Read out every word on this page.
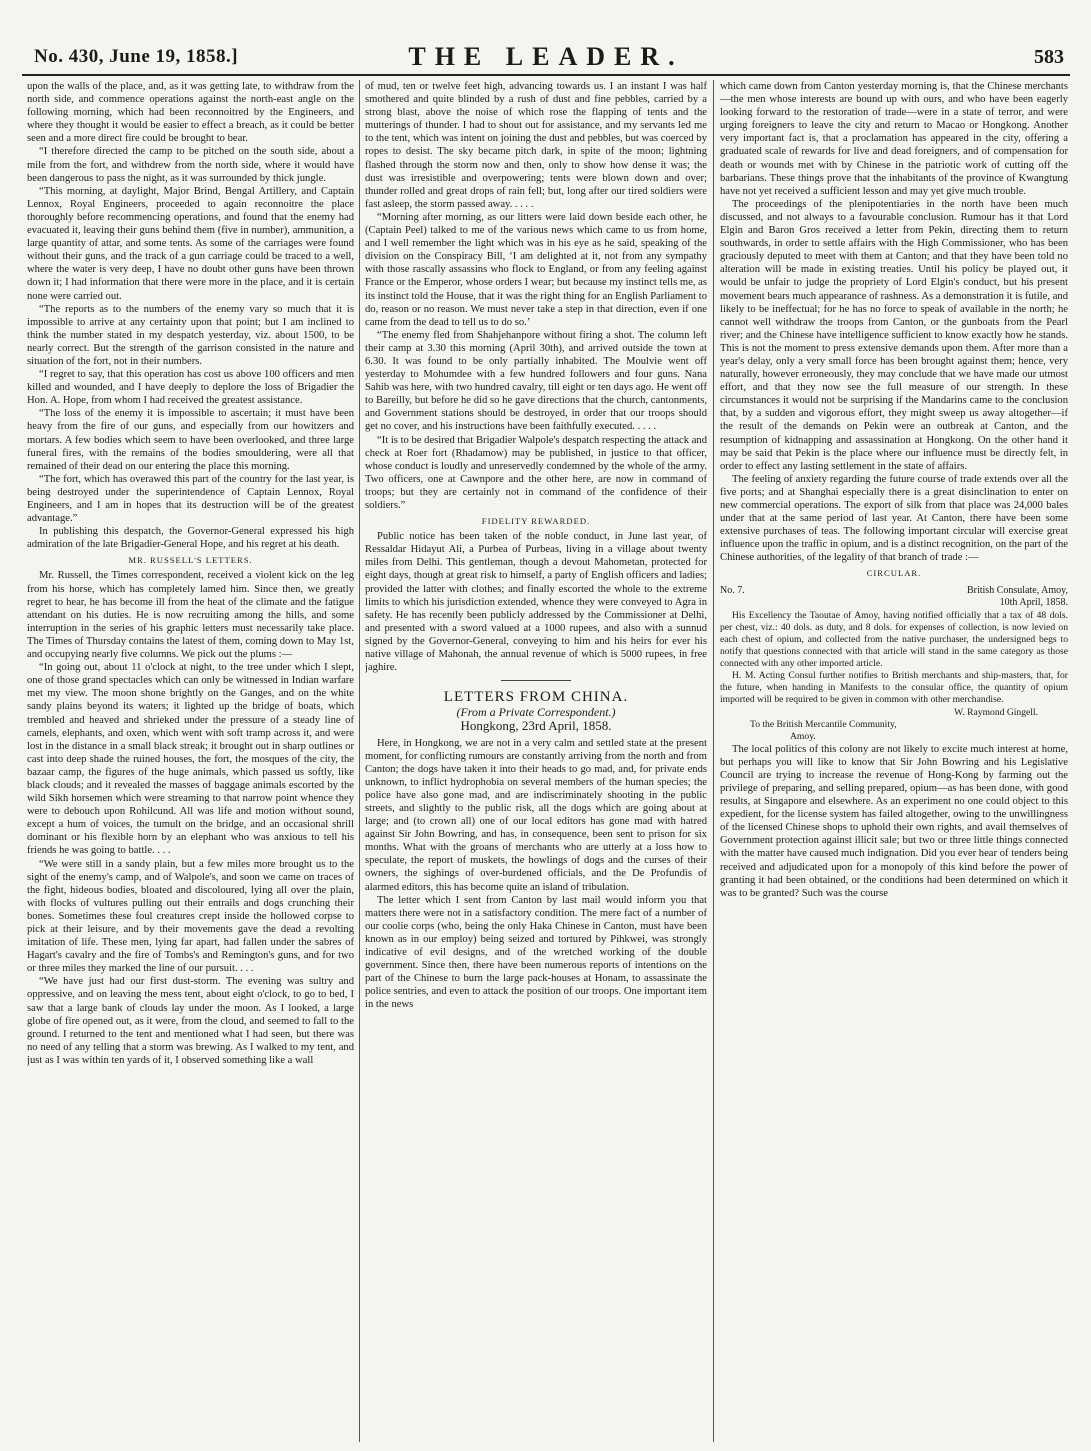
No. 430, June 19, 1858.]	THE LEADER.	583

upon the walls of the place, and, as it was getting late, to withdraw from the north side, and commence operations against the north-east angle on the following morning, which had been reconnoitred by the Engineers, and where they thought it would be easier to effect a breach, as it could be better seen and a more direct fire could be brought to bear.

“I therefore directed the camp to be pitched on the south side, about a mile from the fort, and withdrew from the north side, where it would have been dangerous to pass the night, as it was surrounded by thick jungle.

“This morning, at daylight, Major Brind, Bengal Artillery, and Captain Lennox, Royal Engineers, proceeded to again reconnoitre the place thoroughly before recommencing operations, and found that the enemy had evacuated it, leaving their guns behind them (five in number), ammunition, a large quantity of attar, and some tents. As some of the carriages were found without their guns, and the track of a gun carriage could be traced to a well, where the water is very deep, I have no doubt other guns have been thrown down it; I had information that there were more in the place, and it is certain none were carried out.

“The reports as to the numbers of the enemy vary so much that it is impossible to arrive at any certainty upon that point; but I am inclined to think the number stated in my despatch yesterday, viz. about 1500, to be nearly correct. But the strength of the garrison consisted in the nature and situation of the fort, not in their numbers.

“I regret to say, that this operation has cost us above 100 officers and men killed and wounded, and I have deeply to deplore the loss of Brigadier the Hon. A. Hope, from whom I had received the greatest assistance.

“The loss of the enemy it is impossible to ascertain; it must have been heavy from the fire of our guns, and especially from our howitzers and mortars. A few bodies which seem to have been overlooked, and three large funeral fires, with the remains of the bodies smouldering, were all that remained of their dead on our entering the place this morning.

“The fort, which has overawed this part of the country for the last year, is being destroyed under the superintendence of Captain Lennox, Royal Engineers, and I am in hopes that its destruction will be of the greatest advantage.”

In publishing this despatch, the Governor-General expressed his high admiration of the late Brigadier-General Hope, and his regret at his death.

MR. RUSSELL'S LETTERS.

Mr. Russell, the Times correspondent, received a violent kick on the leg from his horse, which has completely lamed him. Since then, we greatly regret to hear, he has become ill from the heat of the climate and the fatigue attendant on his duties. He is now recruiting among the hills, and some interruption in the series of his graphic letters must necessarily take place. The Times of Thursday contains the latest of them, coming down to May 1st, and occupying nearly five columns. We pick out the plums :—

“In going out, about 11 o'clock at night, to the tree under which I slept, one of those grand spectacles which can only be witnessed in Indian warfare met my view. The moon shone brightly on the Ganges, and on the white sandy plains beyond its waters; it lighted up the bridge of boats, which trembled and heaved and shrieked under the pressure of a steady line of camels, elephants, and oxen, which went with soft tramp across it, and were lost in the distance in a small black streak; it brought out in sharp outlines or cast into deep shade the ruined houses, the fort, the mosques of the city, the bazaar camp, the figures of the huge animals, which passed us softly, like black clouds; and it revealed the masses of baggage animals escorted by the wild Sikh horsemen which were streaming to that narrow point whence they were to debouch upon Rohilcund. All was life and motion without sound, except a hum of voices, the tumult on the bridge, and an occasional shrill dominant or his flexible horn by an elephant who was anxious to tell his friends he was going to battle. . . .

“We were still in a sandy plain, but a few miles more brought us to the sight of the enemy's camp, and of Walpole's, and soon we came on traces of the fight, hideous bodies, bloated and discoloured, lying all over the plain, with flocks of vultures pulling out their entrails and dogs crunching their bones. Sometimes these foul creatures crept inside the hollowed corpse to pick at their leisure, and by their movements gave the dead a revolting imitation of life. These men, lying far apart, had fallen under the sabres of Hagart's cavalry and the fire of Tombs's and Remington's guns, and for two or three miles they marked the line of our pursuit. . . .

“We have just had our first dust-storm. The evening was sultry and oppressive, and on leaving the mess tent, about eight o'clock, to go to bed, I saw that a large bank of clouds lay under the moon. As I looked, a large globe of fire opened out, as it were, from the cloud, and seemed to fall to the ground. I returned to the tent and mentioned what I had seen, but there was no need of any telling that a storm was brewing. As I walked to my tent, and just as I was within ten yards of it, I observed something like a wall

of mud, ten or twelve feet high, advancing towards us. I an instant I was half smothered and quite blinded by a rush of dust and fine pebbles, carried by a strong blast, above the noise of which rose the flapping of tents and the mutterings of thunder. I had to shout out for assistance, and my servants led me to the tent, which was intent on joining the dust and pebbles, but was coerced by ropes to desist. The sky became pitch dark, in spite of the moon; lightning flashed through the storm now and then, only to show how dense it was; the dust was irresistible and overpowering; tents were blown down and over; thunder rolled and great drops of rain fell; but, long after our tired soldiers were fast asleep, the storm passed away. . . . .

“Morning after morning, as our litters were laid down beside each other, he (Captain Peel) talked to me of the various news which came to us from home, and I well remember the light which was in his eye as he said, speaking of the division on the Conspiracy Bill, ‘I am delighted at it, not from any sympathy with those rascally assassins who flock to England, or from any feeling against France or the Emperor, whose orders I wear; but because my instinct tells me, as its instinct told the House, that it was the right thing for an English Parliament to do, reason or no reason. We must never take a step in that direction, even if one came from the dead to tell us to do so.’

“The enemy fled from Shahjehanpore without firing a shot. The column left their camp at 3.30 this morning (April 30th), and arrived outside the town at 6.30. It was found to be only partially inhabited. The Moulvie went off yesterday to Mohumdee with a few hundred followers and four guns. Nana Sahib was here, with two hundred cavalry, till eight or ten days ago. He went off to Bareilly, but before he did so he gave directions that the church, cantonments, and Government stations should be destroyed, in order that our troops should get no cover, and his instructions have been faithfully executed. . . . .

“It is to be desired that Brigadier Walpole's despatch respecting the attack and check at Roer fort (Rhadamow) may be published, in justice to that officer, whose conduct is loudly and unreservedly condemned by the whole of the army. Two officers, one at Cawnpore and the other here, are now in command of troops; but they are certainly not in command of the confidence of their soldiers.”

FIDELITY REWARDED.

Public notice has been taken of the noble conduct, in June last year, of Ressaldar Hidayut Ali, a Purbea of Purbeas, living in a village about twenty miles from Delhi. This gentleman, though a devout Mahometan, protected for eight days, though at great risk to himself, a party of English officers and ladies; provided the latter with clothes; and finally escorted the whole to the extreme limits to which his jurisdiction extended, whence they were conveyed to Agra in safety. He has recently been publicly addressed by the Commissioner at Delhi, and presented with a sword valued at a 1000 rupees, and also with a sunnud signed by the Governor-General, conveying to him and his heirs for ever his native village of Mahonah, the annual revenue of which is 5000 rupees, in free jaghire.

LETTERS FROM CHINA.
(From a Private Correspondent.)
Hongkong, 23rd April, 1858.

Here, in Hongkong, we are not in a very calm and settled state at the present moment, for conflicting rumours are constantly arriving from the north and from Canton; the dogs have taken it into their heads to go mad, and, for private ends unknown, to inflict hydrophobia on several members of the human species; the police have also gone mad, and are indiscriminately shooting in the public streets, and slightly to the public risk, all the dogs which are going about at large; and (to crown all) one of our local editors has gone mad with hatred against Sir John Bowring, and has, in consequence, been sent to prison for six months. What with the groans of merchants who are utterly at a loss how to speculate, the report of muskets, the howlings of dogs and the curses of their owners, the sighings of over-burdened officials, and the De Profundis of alarmed editors, this has become quite an island of tribulation.

The letter which I sent from Canton by last mail would inform you that matters there were not in a satisfactory condition. The mere fact of a number of our coolie corps (who, being the only Haka Chinese in Canton, must have been known as in our employ) being seized and tortured by Pihkwei, was strongly indicative of evil designs, and of the wretched working of the double government. Since then, there have been numerous reports of intentions on the part of the Chinese to burn the large pack-houses at Honam, to assassinate the police sentries, and even to attack the position of our troops. One important item in the news

which came down from Canton yesterday morning is, that the Chinese merchants—the men whose interests are bound up with ours, and who have been eagerly looking forward to the restoration of trade—were in a state of terror, and were urging foreigners to leave the city and return to Macao or Hongkong. Another very important fact is, that a proclamation has appeared in the city, offering a graduated scale of rewards for live and dead foreigners, and of compensation for death or wounds met with by Chinese in the patriotic work of cutting off the barbarians. These things prove that the inhabitants of the province of Kwangtung have not yet received a sufficient lesson and may yet give much trouble.

The proceedings of the plenipotentiaries in the north have been much discussed, and not always to a favourable conclusion. Rumour has it that Lord Elgin and Baron Gros received a letter from Pekin, directing them to return southwards, in order to settle affairs with the High Commissioner, who has been graciously deputed to meet with them at Canton; and that they have been told no alteration will be made in existing treaties. Until his policy be played out, it would be unfair to judge the propriety of Lord Elgin's conduct, but his present movement bears much appearance of rashness. As a demonstration it is futile, and likely to be ineffectual; for he has no force to speak of available in the north; he cannot well withdraw the troops from Canton, or the gunboats from the Pearl river; and the Chinese have intelligence sufficient to know exactly how he stands. This is not the moment to press extensive demands upon them. After more than a year's delay, only a very small force has been brought against them; hence, very naturally, however erroneously, they may conclude that we have made our utmost effort, and that they now see the full measure of our strength. In these circumstances it would not be surprising if the Mandarins came to the conclusion that, by a sudden and vigorous effort, they might sweep us away altogether—if the result of the demands on Pekin were an outbreak at Canton, and the resumption of kidnapping and assassination at Hongkong. On the other hand it may be said that Pekin is the place where our influence must be directly felt, in order to effect any lasting settlement in the state of affairs.

The feeling of anxiety regarding the future course of trade extends over all the five ports; and at Shanghai especially there is a great disinclination to enter on new commercial operations. The export of silk from that place was 24,000 bales under that at the same period of last year. At Canton, there have been some extensive purchases of teas. The following important circular will exercise great influence upon the traffic in opium, and is a distinct recognition, on the part of the Chinese authorities, of the legality of that branch of trade :—

CIRCULAR.
British Consulate, Amoy,
10th April, 1858.
No. 7.

His Excellency the Taoutae of Amoy, having notified officially that a tax of 48 dols. per chest, viz.: 40 dols. as duty, and 8 dols. for expenses of collection, is now levied on each chest of opium, and collected from the native purchaser, the undersigned begs to notify that questions connected with that article will stand in the same category as those connected with any other imported article.

H. M. Acting Consul further notifies to British merchants and ship-masters, that, for the future, when handing in Manifests to the consular office, the quantity of opium imported will be required to be given in common with other merchandise.

W. Raymond Gingell.
To the British Mercantile Community,
Amoy.

The local politics of this colony are not likely to excite much interest at home, but perhaps you will like to know that Sir John Bowring and his Legislative Council are trying to increase the revenue of Hong-Kong by farming out the privilege of preparing, and selling prepared, opium—as has been done, with good results, at Singapore and elsewhere. As an experiment no one could object to this expedient, for the license system has failed altogether, owing to the unwillingness of the licensed Chinese shops to uphold their own rights, and avail themselves of Government protection against illicit sale; but two or three little things connected with the matter have caused much indignation. Did you ever hear of tenders being received and adjudicated upon for a monopoly of this kind before the power of granting it had been obtained, or the conditions had been determined on which it was to be granted? Such was the course
